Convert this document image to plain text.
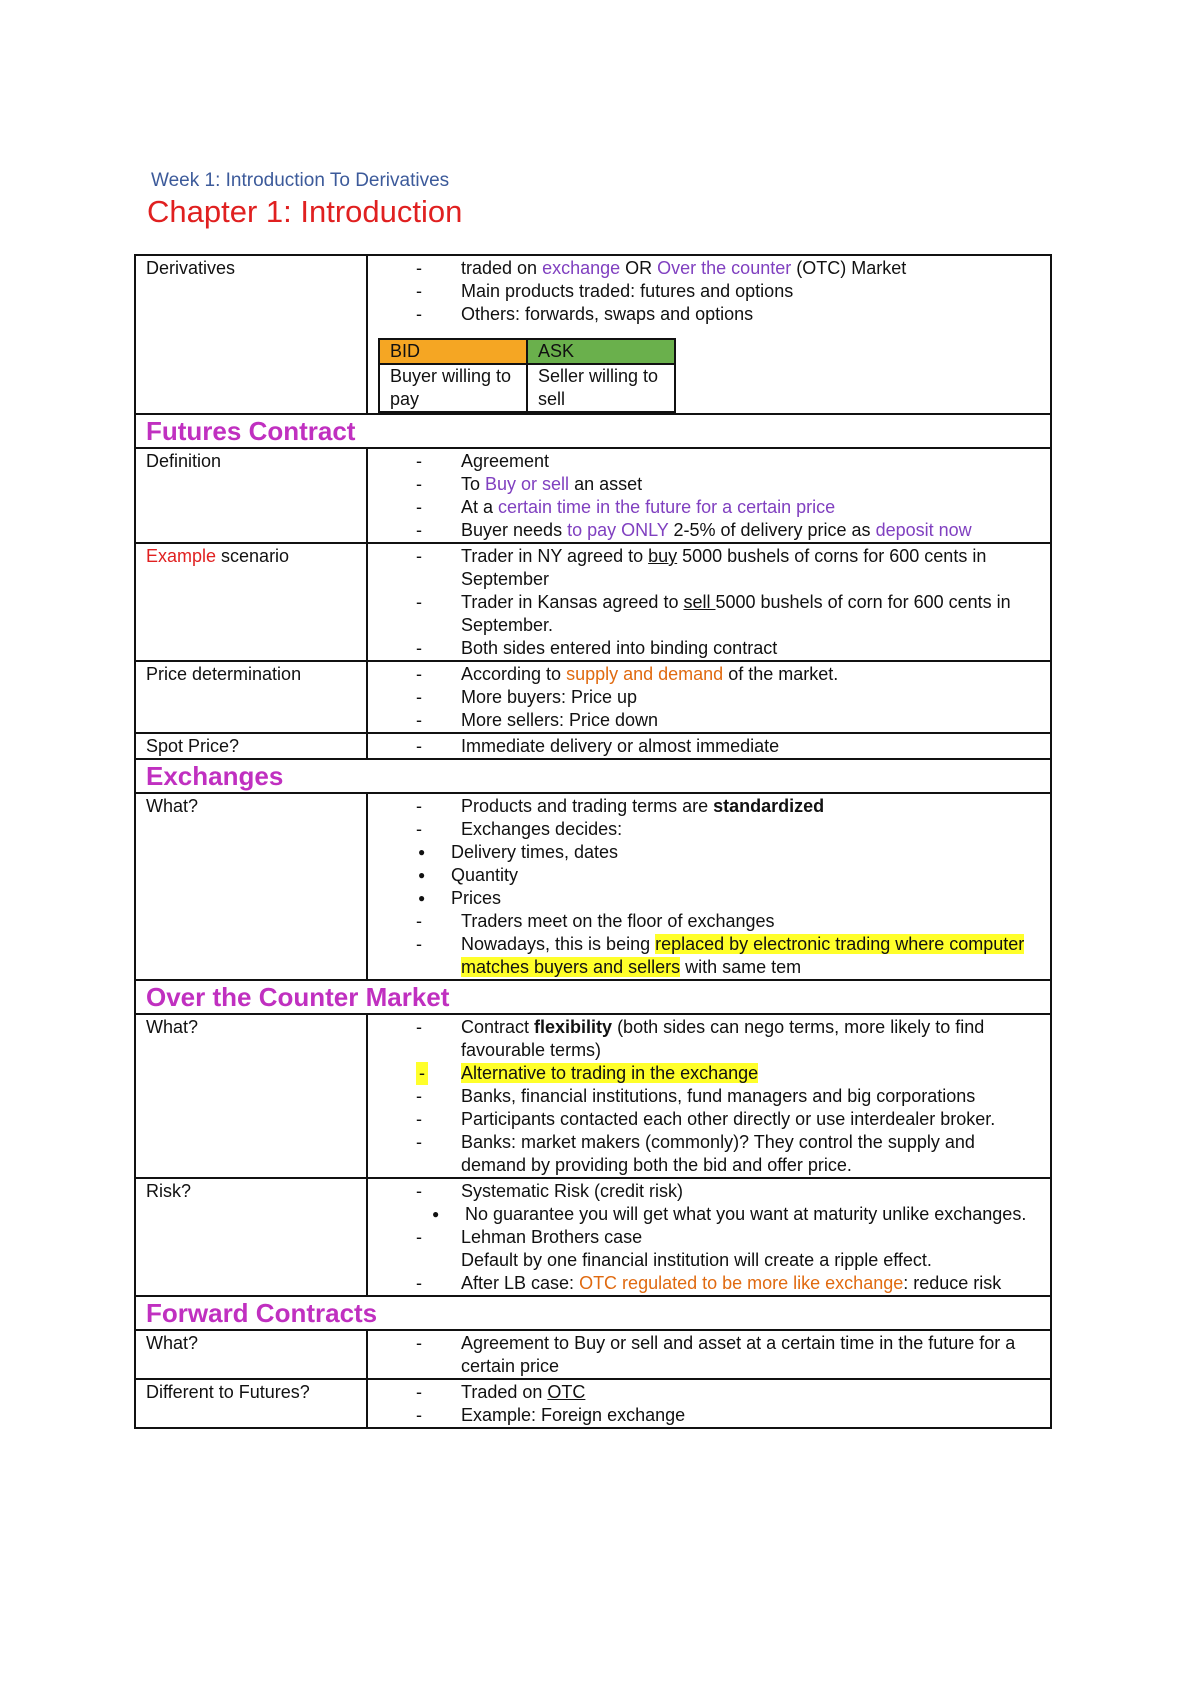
Week 1: Introduction To Derivatives
Chapter 1: Introduction
Derivatives	
-traded on exchange OR Over the counter (OTC) Market
- Main products traded: futures and options
- Others: forwards, swaps and options
BID	ASK
Buyer willing to pay	Seller willing to sell

Futures Contract
Definition	
-Agreement
- To Buy or sell an asset
- At a certain time in the future for a certain price
- Buyer needs to pay ONLY 2-5% of delivery price as deposit now

Example scenario	
-Trader in NY agreed to buy 5000 bushels of corns for 600 cents in September
- Trader in Kansas agreed to sell 5000 bushels of corn for 600 cents in September.
- Both sides entered into binding contract

Price determination	
-According to supply and demand of the market.
- More buyers: Price up
- More sellers: Price down

Spot Price?	
-Immediate delivery or almost immediate

Exchanges
What?	
-Products and trading terms are standardized
- Exchanges decides:
● Delivery times, dates
● Quantity
● Prices
- Traders meet on the floor of exchanges
- Nowadays, this is being replaced by electronic trading where computer matches buyers and sellers with same tem

Over the Counter Market
What?	
-Contract flexibility (both sides can nego terms, more likely to find favourable terms)
- Alternative to trading in the exchange
- Banks, financial institutions, fund managers and big corporations
- Participants contacted each other directly or use interdealer broker.
- Banks: market makers (commonly)? They control the supply and demand by providing both the bid and offer price.

Risk?	
-Systematic Risk (credit risk)
● No guarantee you will get what you want at maturity unlike exchanges.
- Lehman Brothers case
Default by one financial institution will create a ripple effect.
- After LB case: OTC regulated to be more like exchange: reduce risk

Forward Contracts
What?	
-Agreement to Buy or sell and asset at a certain time in the future for a certain price

Different to Futures?	
-Traded on OTC
- Example: Foreign exchange
